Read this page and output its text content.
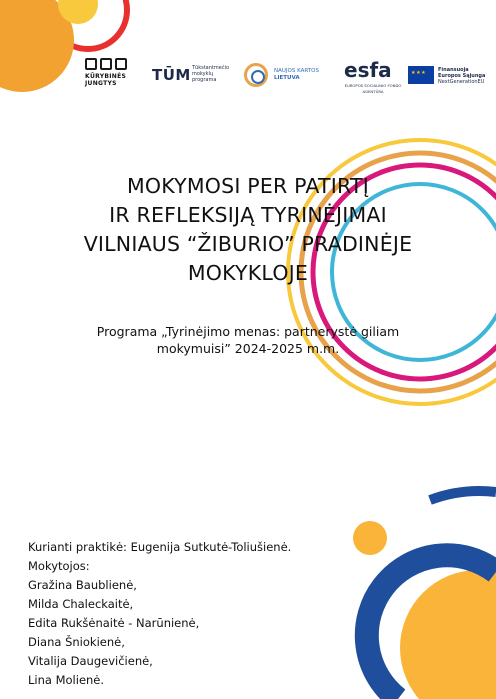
KŪRYBINĖS
JUNGTYS	TŪM Tūkstantmečio
mokyklų
programa
NAUJOS KARTOS
LIETUVA	esfa
EUROPOS SOCIALINIO FONDO AGENTŪRA
★ ★ ★
Finansuoja
Europos Sąjunga
NextGenerationEU
MOKYMOSI PER PATIRTĮ
IR REFLEKSIJĄ TYRINĖJIMAI
VILNIAUS “ŽIBURIO” PRADINĖJE
MOKYKLOJE

Programa „Tyrinėjimo menas: partnerystė giliam
mokymuisi” 2024-2025 m.m.

Kurianti praktikė: Eugenija Sutkutė-Toliušienė.
Mokytojos:
Gražina Baublienė,
Milda Chaleckaitė,
Edita Rukšėnaitė - Narūnienė,
Diana Šniokienė,
Vitalija Daugevičienė,
Lina Molienė.
